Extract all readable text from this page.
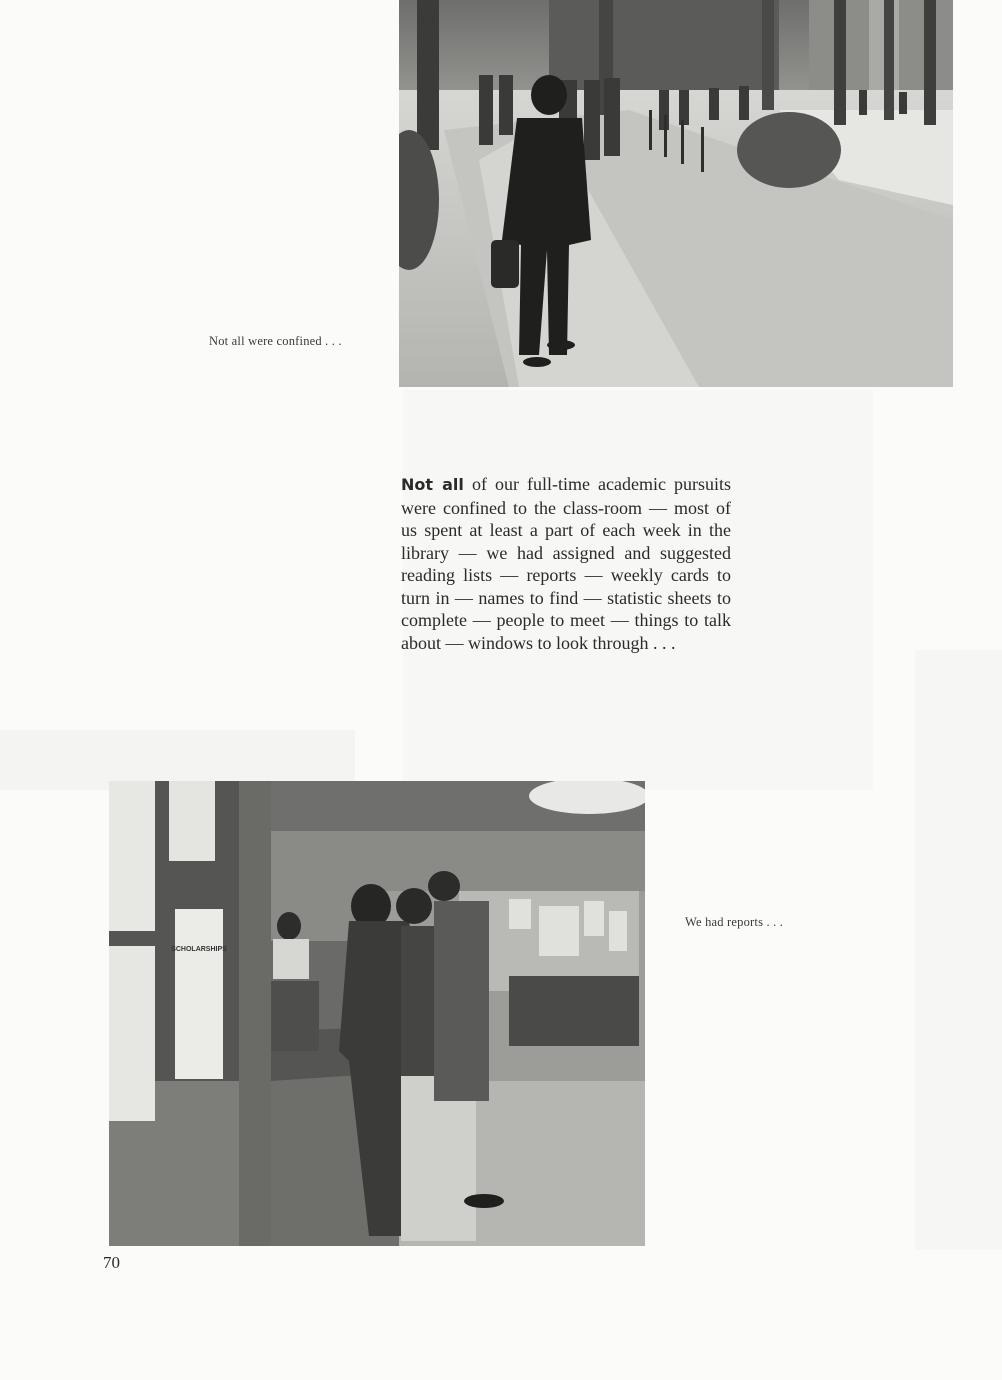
Not all were confined . . .
Not all of our full-time academic pursuits were confined to the class-room — most of us spent at least a part of each week in the library — we had assigned and suggested reading lists — reports — weekly cards to turn in — names to find — statistic sheets to complete — people to meet — things to talk about — windows to look through . . .
SCHOLARSHIPS
We had reports . . .
70
